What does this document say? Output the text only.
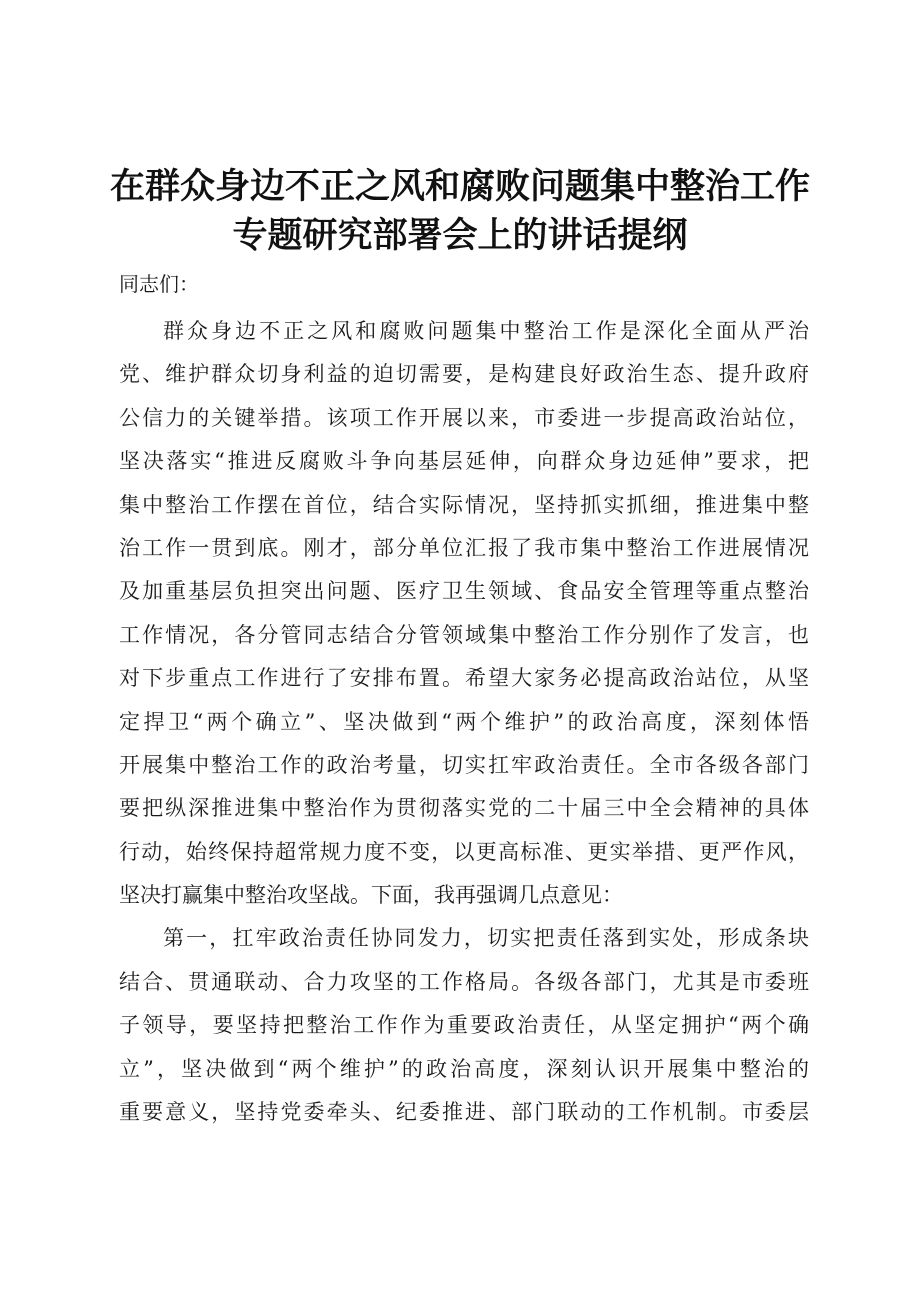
在群众身边不正之风和腐败问题集中整治工作
专题研究部署会上的讲话提纲

同志们：

群众身边不正之风和腐败问题集中整治工作是深化全面从严治
党、维护群众切身利益的迫切需要，是构建良好政治生态、提升政府
公信力的关键举措。该项工作开展以来，市委进一步提高政治站位，
坚决落实“推进反腐败斗争向基层延伸，向群众身边延伸”要求，把
集中整治工作摆在首位，结合实际情况，坚持抓实抓细，推进集中整
治工作一贯到底。刚才，部分单位汇报了我市集中整治工作进展情况
及加重基层负担突出问题、医疗卫生领域、食品安全管理等重点整治
工作情况，各分管同志结合分管领域集中整治工作分别作了发言，也
对下步重点工作进行了安排布置。希望大家务必提高政治站位，从坚
定捍卫“两个确立”、坚决做到“两个维护”的政治高度，深刻体悟
开展集中整治工作的政治考量，切实扛牢政治责任。全市各级各部门
要把纵深推进集中整治作为贯彻落实党的二十届三中全会精神的具体
行动，始终保持超常规力度不变，以更高标准、更实举措、更严作风，
坚决打赢集中整治攻坚战。下面，我再强调几点意见：
第一，扛牢政治责任协同发力，切实把责任落到实处，形成条块
结合、贯通联动、合力攻坚的工作格局。各级各部门，尤其是市委班
子领导，要坚持把整治工作作为重要政治责任，从坚定拥护“两个确
立”，坚决做到“两个维护”的政治高度，深刻认识开展集中整治的
重要意义，坚持党委牵头、纪委推进、部门联动的工作机制。市委层
